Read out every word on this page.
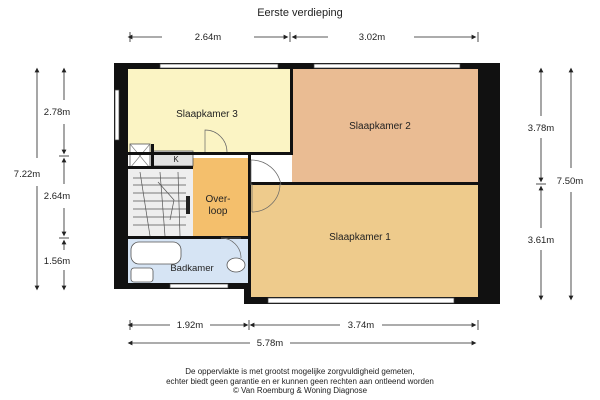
Eerste verdieping
Slaapkamer 3
Slaapkamer 2
Slaapkamer 1
Over-
loop
Badkamer
K
2.64m	3.02m
7.22m
2.78m
2.64m
1.56m
3.78m
3.61m
7.50m
1.92m	3.74m
5.78m
De oppervlakte is met grootst mogelijke zorgvuldigheid gemeten,
echter biedt geen garantie en er kunnen geen rechten aan ontleend worden
© Van Roemburg & Woning Diagnose
